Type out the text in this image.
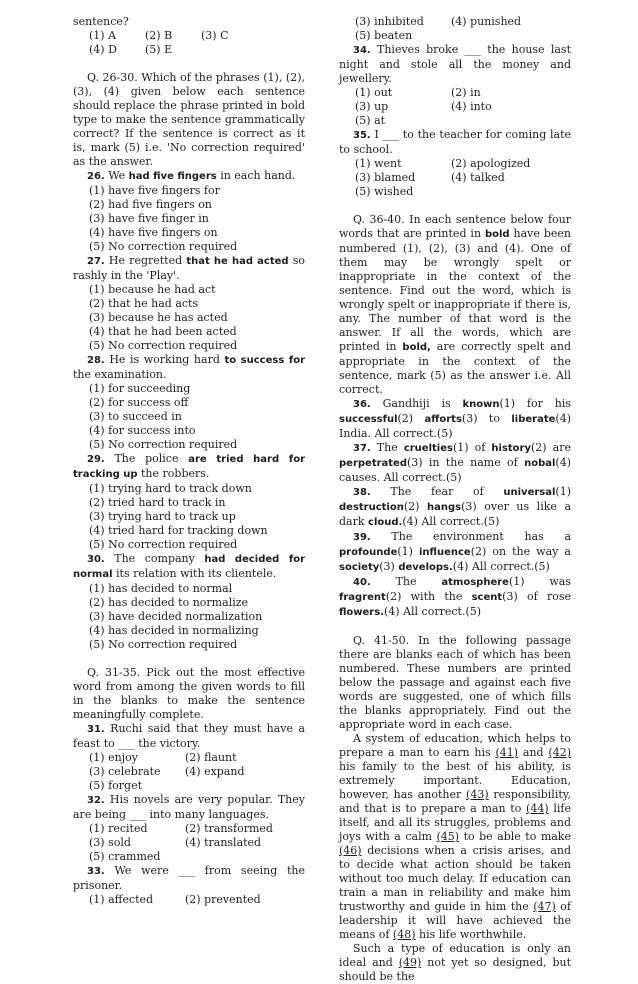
sentence?

(1) A	(2) B	(3) C
(4) D	(5) E

Q. 26-30. Which of the phrases (1), (2), (3), (4) given below each sentence should replace the phrase printed in bold type to make the sentence grammatically correct? If the sentence is correct as it is, mark (5) i.e. 'No correction required' as the answer.

26. We had five fingers in each hand.

(1) have five fingers for
(2) had five fingers on
(3) have five finger in
(4) have five fingers on
(5) No correction required

27. He regretted that he had acted so rashly in the 'Play'.

(1) because he had act
(2) that he had acts
(3) because he has acted
(4) that he had been acted
(5) No correction required

28. He is working hard to success for the examination.

(1) for succeeding
(2) for success off
(3) to succeed in
(4) for success into
(5) No correction required

29. The police are tried hard for tracking up the robbers.

(1) trying hard to track down
(2) tried hard to track in
(3) trying hard to track up
(4) tried hard for tracking down
(5) No correction required

30. The company had decided for normal its relation with its clientele.

(1) has decided to normal
(2) has decided to normalize
(3) have decided normalization
(4) has decided in normalizing
(5) No correction required

Q. 31-35. Pick out the most effective word from among the given words to fill in the blanks to make the sentence meaningfully complete.

31. Ruchi said that they must have a feast to ___ the victory.

(1) enjoy	(2) flaunt
(3) celebrate	(4) expand
(5) forget

32. His novels are very popular. They are being ___ into many languages.

(1) recited	(2) transformed
(3) sold	(4) translated
(5) crammed

33. We were ___ from seeing the prisoner.

(1) affected	(2) prevented
(3) inhibited	(4) punished
(5) beaten

34. Thieves broke ___ the house last night and stole all the money and jewellery.

(1) out	(2) in
(3) up	(4) into
(5) at

35. I ___ to the teacher for coming late to school.

(1) went	(2) apologized
(3) blamed	(4) talked
(5) wished

Q. 36-40. In each sentence below four words that are printed in bold have been numbered (1), (2), (3) and (4). One of them may be wrongly spelt or inappropriate in the context of the sentence. Find out the word, which is wrongly spelt or inappropriate if there is, any. The number of that word is the answer. If all the words, which are printed in bold, are correctly spelt and appropriate in the context of the sentence, mark (5) as the answer i.e. All correct.

36. Gandhiji is known(1) for his successful(2) afforts(3) to liberate(4) India. All correct.(5)

37. The cruelties(1) of history(2) are perpetrated(3) in the name of nobal(4) causes. All correct.(5)

38. The fear of universal(1) destruction(2) hangs(3) over us like a dark cloud.(4) All correct.(5)

39. The environment has a profounde(1) influence(2) on the way a society(3) develops.(4) All correct.(5)

40. The atmosphere(1) was fragrent(2) with the scent(3) of rose flowers.(4) All correct.(5)

Q. 41-50. In the following passage there are blanks each of which has been numbered. These numbers are printed below the passage and against each five words are suggested, one of which fills the blanks appropriately. Find out the appropriate word in each case.

A system of education, which helps to prepare a man to earn his (41) and (42) his family to the best of his ability, is extremely important. Education, however, has another (43) responsibility, and that is to prepare a man to (44) life itself, and all its struggles, problems and joys with a calm (45) to be able to make (46) decisions when a crisis arises, and to decide what action should be taken without too much delay. If education can train a man in reliability and make him trustworthy and guide in him the (47) of leadership it will have achieved the means of (48) his life worthwhile.

Such a type of education is only an ideal and (49) not yet so designed, but should be the
